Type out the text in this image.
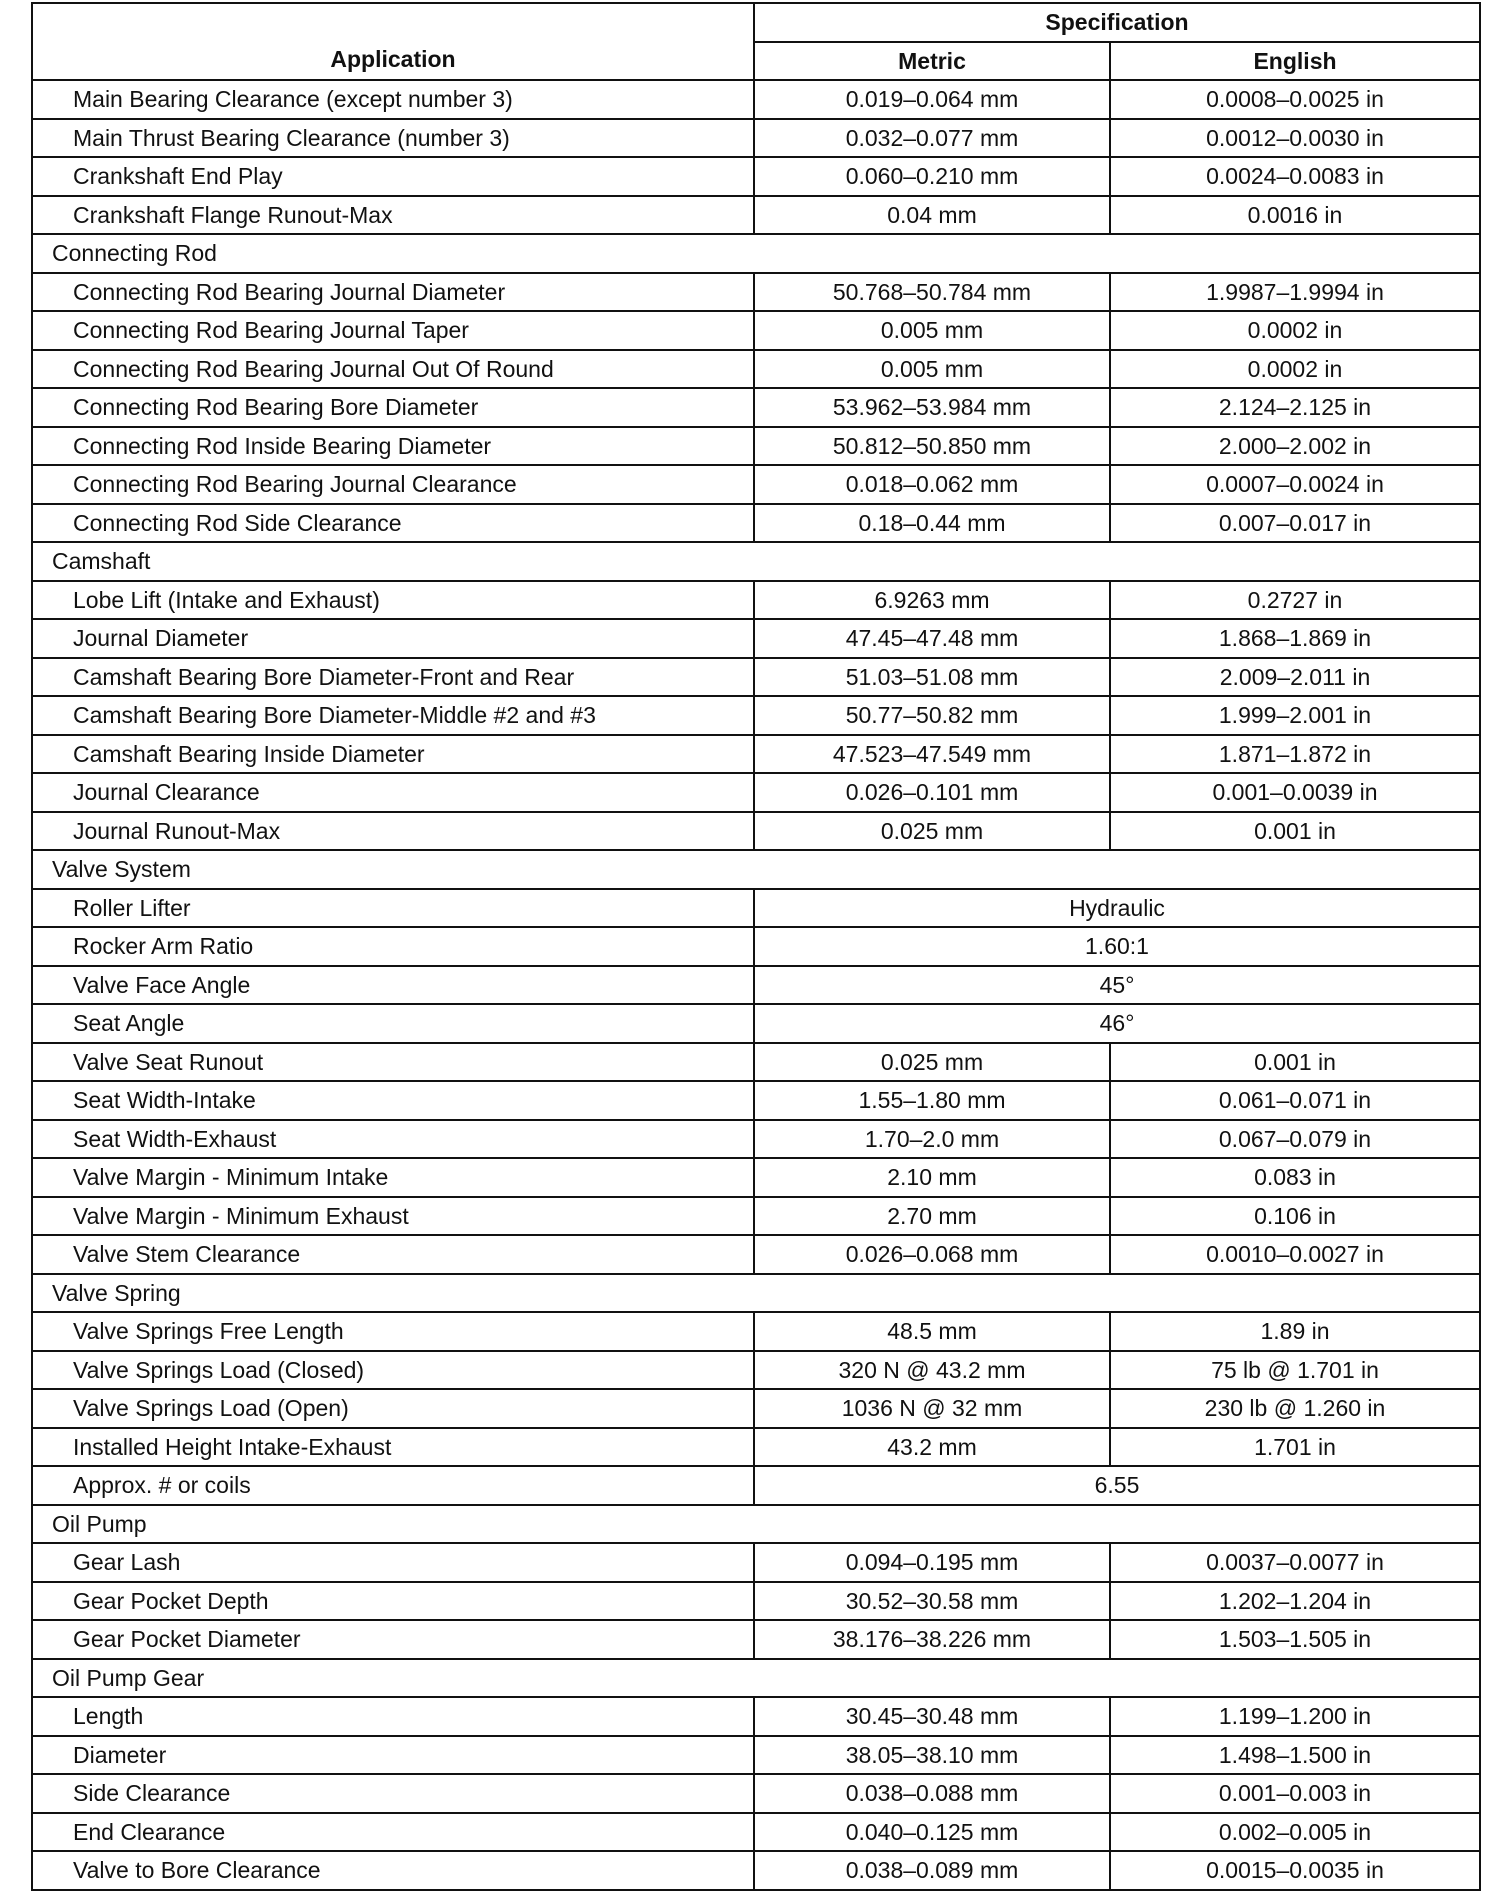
Application	Specification	
	Metric	English
Main Bearing Clearance (except number 3)	0.019–0.064 mm	0.0008–0.0025 in
Main Thrust Bearing Clearance (number 3)	0.032–0.077 mm	0.0012–0.0030 in
Crankshaft End Play	0.060–0.210 mm	0.0024–0.0083 in
Crankshaft Flange Runout-Max	0.04 mm	0.0016 in
Connecting Rod		
Connecting Rod Bearing Journal Diameter	50.768–50.784 mm	1.9987–1.9994 in
Connecting Rod Bearing Journal Taper	0.005 mm	0.0002 in
Connecting Rod Bearing Journal Out Of Round	0.005 mm	0.0002 in
Connecting Rod Bearing Bore Diameter	53.962–53.984 mm	2.124–2.125 in
Connecting Rod Inside Bearing Diameter	50.812–50.850 mm	2.000–2.002 in
Connecting Rod Bearing Journal Clearance	0.018–0.062 mm	0.0007–0.0024 in
Connecting Rod Side Clearance	0.18–0.44 mm	0.007–0.017 in
Camshaft		
Lobe Lift (Intake and Exhaust)	6.9263 mm	0.2727 in
Journal Diameter	47.45–47.48 mm	1.868–1.869 in
Camshaft Bearing Bore Diameter-Front and Rear	51.03–51.08 mm	2.009–2.011 in
Camshaft Bearing Bore Diameter-Middle #2 and #3	50.77–50.82 mm	1.999–2.001 in
Camshaft Bearing Inside Diameter	47.523–47.549 mm	1.871–1.872 in
Journal Clearance	0.026–0.101 mm	0.001–0.0039 in
Journal Runout-Max	0.025 mm	0.001 in
Valve System		
Roller Lifter	Hydraulic	
Rocker Arm Ratio	1.60:1	
Valve Face Angle	45°	
Seat Angle	46°	
Valve Seat Runout	0.025 mm	0.001 in
Seat Width-Intake	1.55–1.80 mm	0.061–0.071 in
Seat Width-Exhaust	1.70–2.0 mm	0.067–0.079 in
Valve Margin - Minimum Intake	2.10 mm	0.083 in
Valve Margin - Minimum Exhaust	2.70 mm	0.106 in
Valve Stem Clearance	0.026–0.068 mm	0.0010–0.0027 in
Valve Spring		
Valve Springs Free Length	48.5 mm	1.89 in
Valve Springs Load (Closed)	320 N @ 43.2 mm	75 lb @ 1.701 in
Valve Springs Load (Open)	1036 N @ 32 mm	230 lb @ 1.260 in
Installed Height Intake-Exhaust	43.2 mm	1.701 in
Approx. # or coils	6.55	
Oil Pump		
Gear Lash	0.094–0.195 mm	0.0037–0.0077 in
Gear Pocket Depth	30.52–30.58 mm	1.202–1.204 in
Gear Pocket Diameter	38.176–38.226 mm	1.503–1.505 in
Oil Pump Gear		
Length	30.45–30.48 mm	1.199–1.200 in
Diameter	38.05–38.10 mm	1.498–1.500 in
Side Clearance	0.038–0.088 mm	0.001–0.003 in
End Clearance	0.040–0.125 mm	0.002–0.005 in
Valve to Bore Clearance	0.038–0.089 mm	0.0015–0.0035 in
